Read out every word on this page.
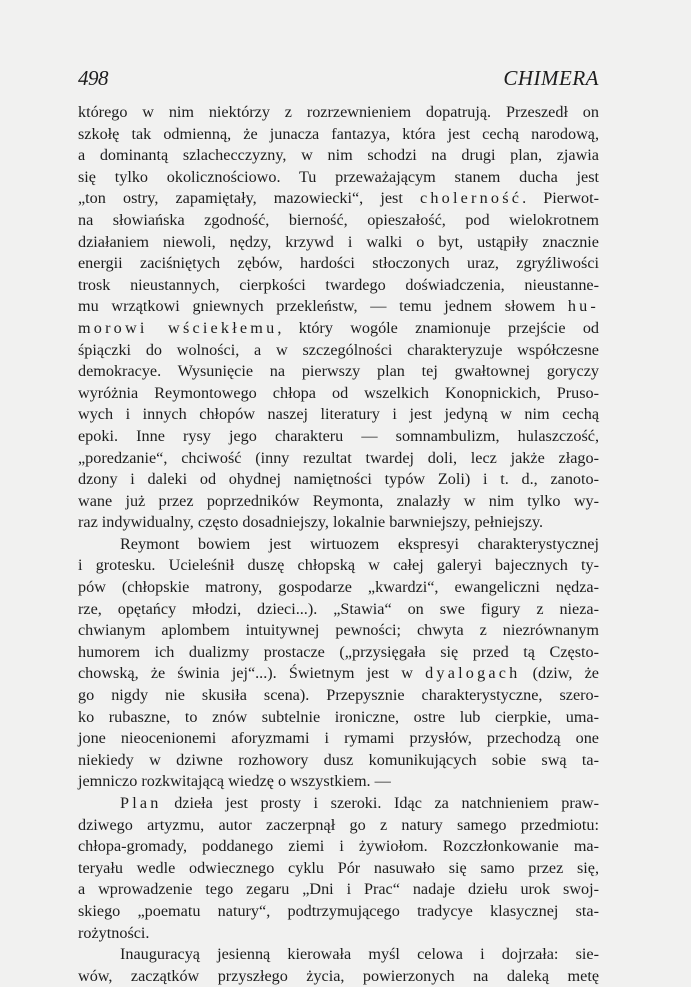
498	CHIMERA
którego w nim niektórzy z rozrzewnieniem dopatrują. Przeszedł on
szkołę tak odmienną, że junacza fantazya, która jest cechą narodową,
a dominantą szlachecczyzny, w nim schodzi na drugi plan, zjawia
się tylko okolicznościowo. Tu przeważającym stanem ducha jest
„ton ostry, zapamiętały, mazowiecki“, jest cholerność. Pierwot-
na słowiańska zgodność, bierność, opieszałość, pod wielokrotnem
działaniem niewoli, nędzy, krzywd i walki o byt, ustąpiły znacznie
energii zaciśniętych zębów, hardości stłoczonych uraz, zgryźliwości
trosk nieustannych, cierpkości twardego doświadczenia, nieustanne-
mu wrzątkowi gniewnych przekleństw, — temu jednem słowem hu-
morowi wściekłemu, który wogóle znamionuje przejście od
śpiączki do wolności, a w szczególności charakteryzuje współczesne
demokracye. Wysunięcie na pierwszy plan tej gwałtownej goryczy
wyróżnia Reymontowego chłopa od wszelkich Konopnickich, Pruso-
wych i innych chłopów naszej literatury i jest jedyną w nim cechą
epoki. Inne rysy jego charakteru — somnambulizm, hulaszczość,
„poredzanie“, chciwość (inny rezultat twardej doli, lecz jakże złago-
dzony i daleki od ohydnej namiętności typów Zoli) i t. d., zanoto-
wane już przez poprzedników Reymonta, znalazły w nim tylko wy-
raz indywidualny, często dosadniejszy, lokalnie barwniejszy, pełniejszy.
Reymont bowiem jest wirtuozem ekspresyi charakterystycznej
i grotesku. Ucieleśnił duszę chłopską w całej galeryi bajecznych ty-
pów (chłopskie matrony, gospodarze „kwardzi“, ewangeliczni nędza-
rze, opętańcy młodzi, dzieci...). „Stawia“ on swe figury z nieza-
chwianym aplombem intuitywnej pewności; chwyta z niezrównanym
humorem ich dualizmy prostacze („przysięgała się przed tą Często-
chowską, że świnia jej“...). Świetnym jest w dyalogach (dziw, że
go nigdy nie skusiła scena). Przepysznie charakterystyczne, szero-
ko rubaszne, to znów subtelnie ironiczne, ostre lub cierpkie, uma-
jone nieocenionemi aforyzmami i rymami przysłów, przechodzą one
niekiedy w dziwne rozhowory dusz komunikujących sobie swą ta-
jemniczo rozkwitającą wiedzę o wszystkiem. —
Plan dzieła jest prosty i szeroki. Idąc za natchnieniem praw-
dziwego artyzmu, autor zaczerpnął go z natury samego przedmiotu:
chłopa-gromady, poddanego ziemi i żywiołom. Rozczłonkowanie ma-
teryału wedle odwiecznego cyklu Pór nasuwało się samo przez się,
a wprowadzenie tego zegaru „Dni i Prac“ nadaje dziełu urok swoj-
skiego „poematu natury“, podtrzymującego tradycye klasycznej sta-
rożytności.
Inauguracyą jesienną kierowała myśl celowa i dojrzała: sie-
wów, zaczątków przyszłego życia, powierzonych na daleką metę
